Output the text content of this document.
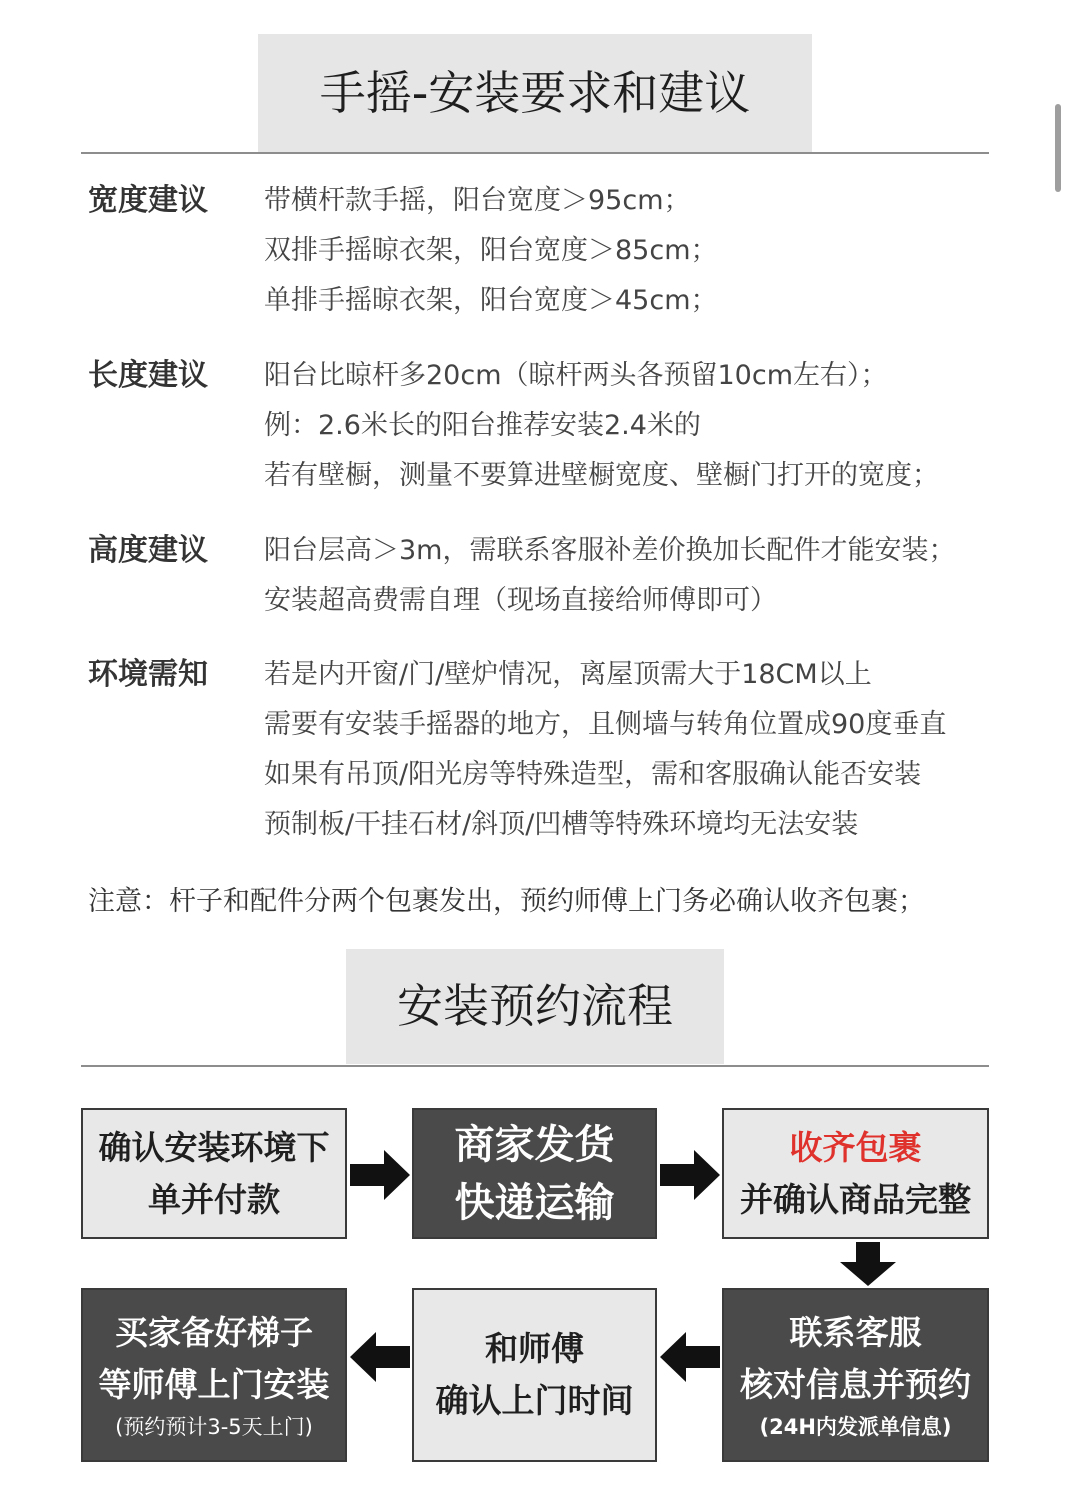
手摇-安装要求和建议
宽度建议 带横杆款手摇，阳台宽度＞95cm；
双排手摇晾衣架，阳台宽度＞85cm；
单排手摇晾衣架，阳台宽度＞45cm；
长度建议 阳台比晾杆多20cm（晾杆两头各预留10cm左右）；
例：2.6米长的阳台推荐安装2.4米的
若有壁橱，测量不要算进壁橱宽度、壁橱门打开的宽度；
高度建议 阳台层高＞3m，需联系客服补差价换加长配件才能安装；
安装超高费需自理（现场直接给师傅即可）
环境需知 若是内开窗/门/壁炉情况，离屋顶需大于18CM以上
需要有安装手摇器的地方，且侧墙与转角位置成90度垂直
如果有吊顶/阳光房等特殊造型，需和客服确认能否安装
预制板/干挂石材/斜顶/凹槽等特殊环境均无法安装
注意：杆子和配件分两个包裹发出，预约师傅上门务必确认收齐包裹；
安装预约流程
确认安装环境下
单并付款
商家发货
快递运输
收齐包裹
并确认商品完整
买家备好梯子
等师傅上门安装
(预约预计3-5天上门)
和师傅
确认上门时间
联系客服
核对信息并预约
(24H内发派单信息)
